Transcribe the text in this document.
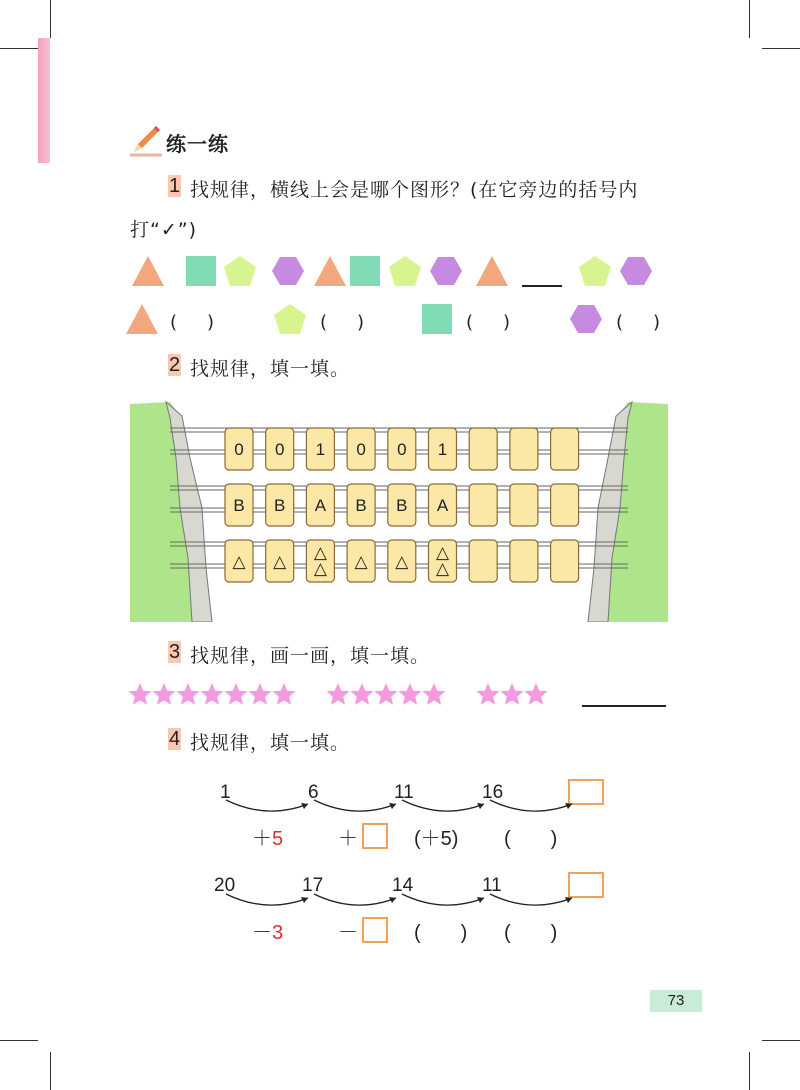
练一练
1 找规律，横线上会是哪个图形？(在它旁边的括号内
打“✓”)
(　)	(　)	(　)	(　)
2 找规律，填一填。
0 0 1 0 0 1
B B A B B A
△ △ △
△ △ △ △
△
3 找规律，画一画，填一填。
4 找规律，填一填。
1	6	11	16
＋5	＋	(＋5) (　　)
20	17	14	11
－3	－	(　　) (　　)
73
